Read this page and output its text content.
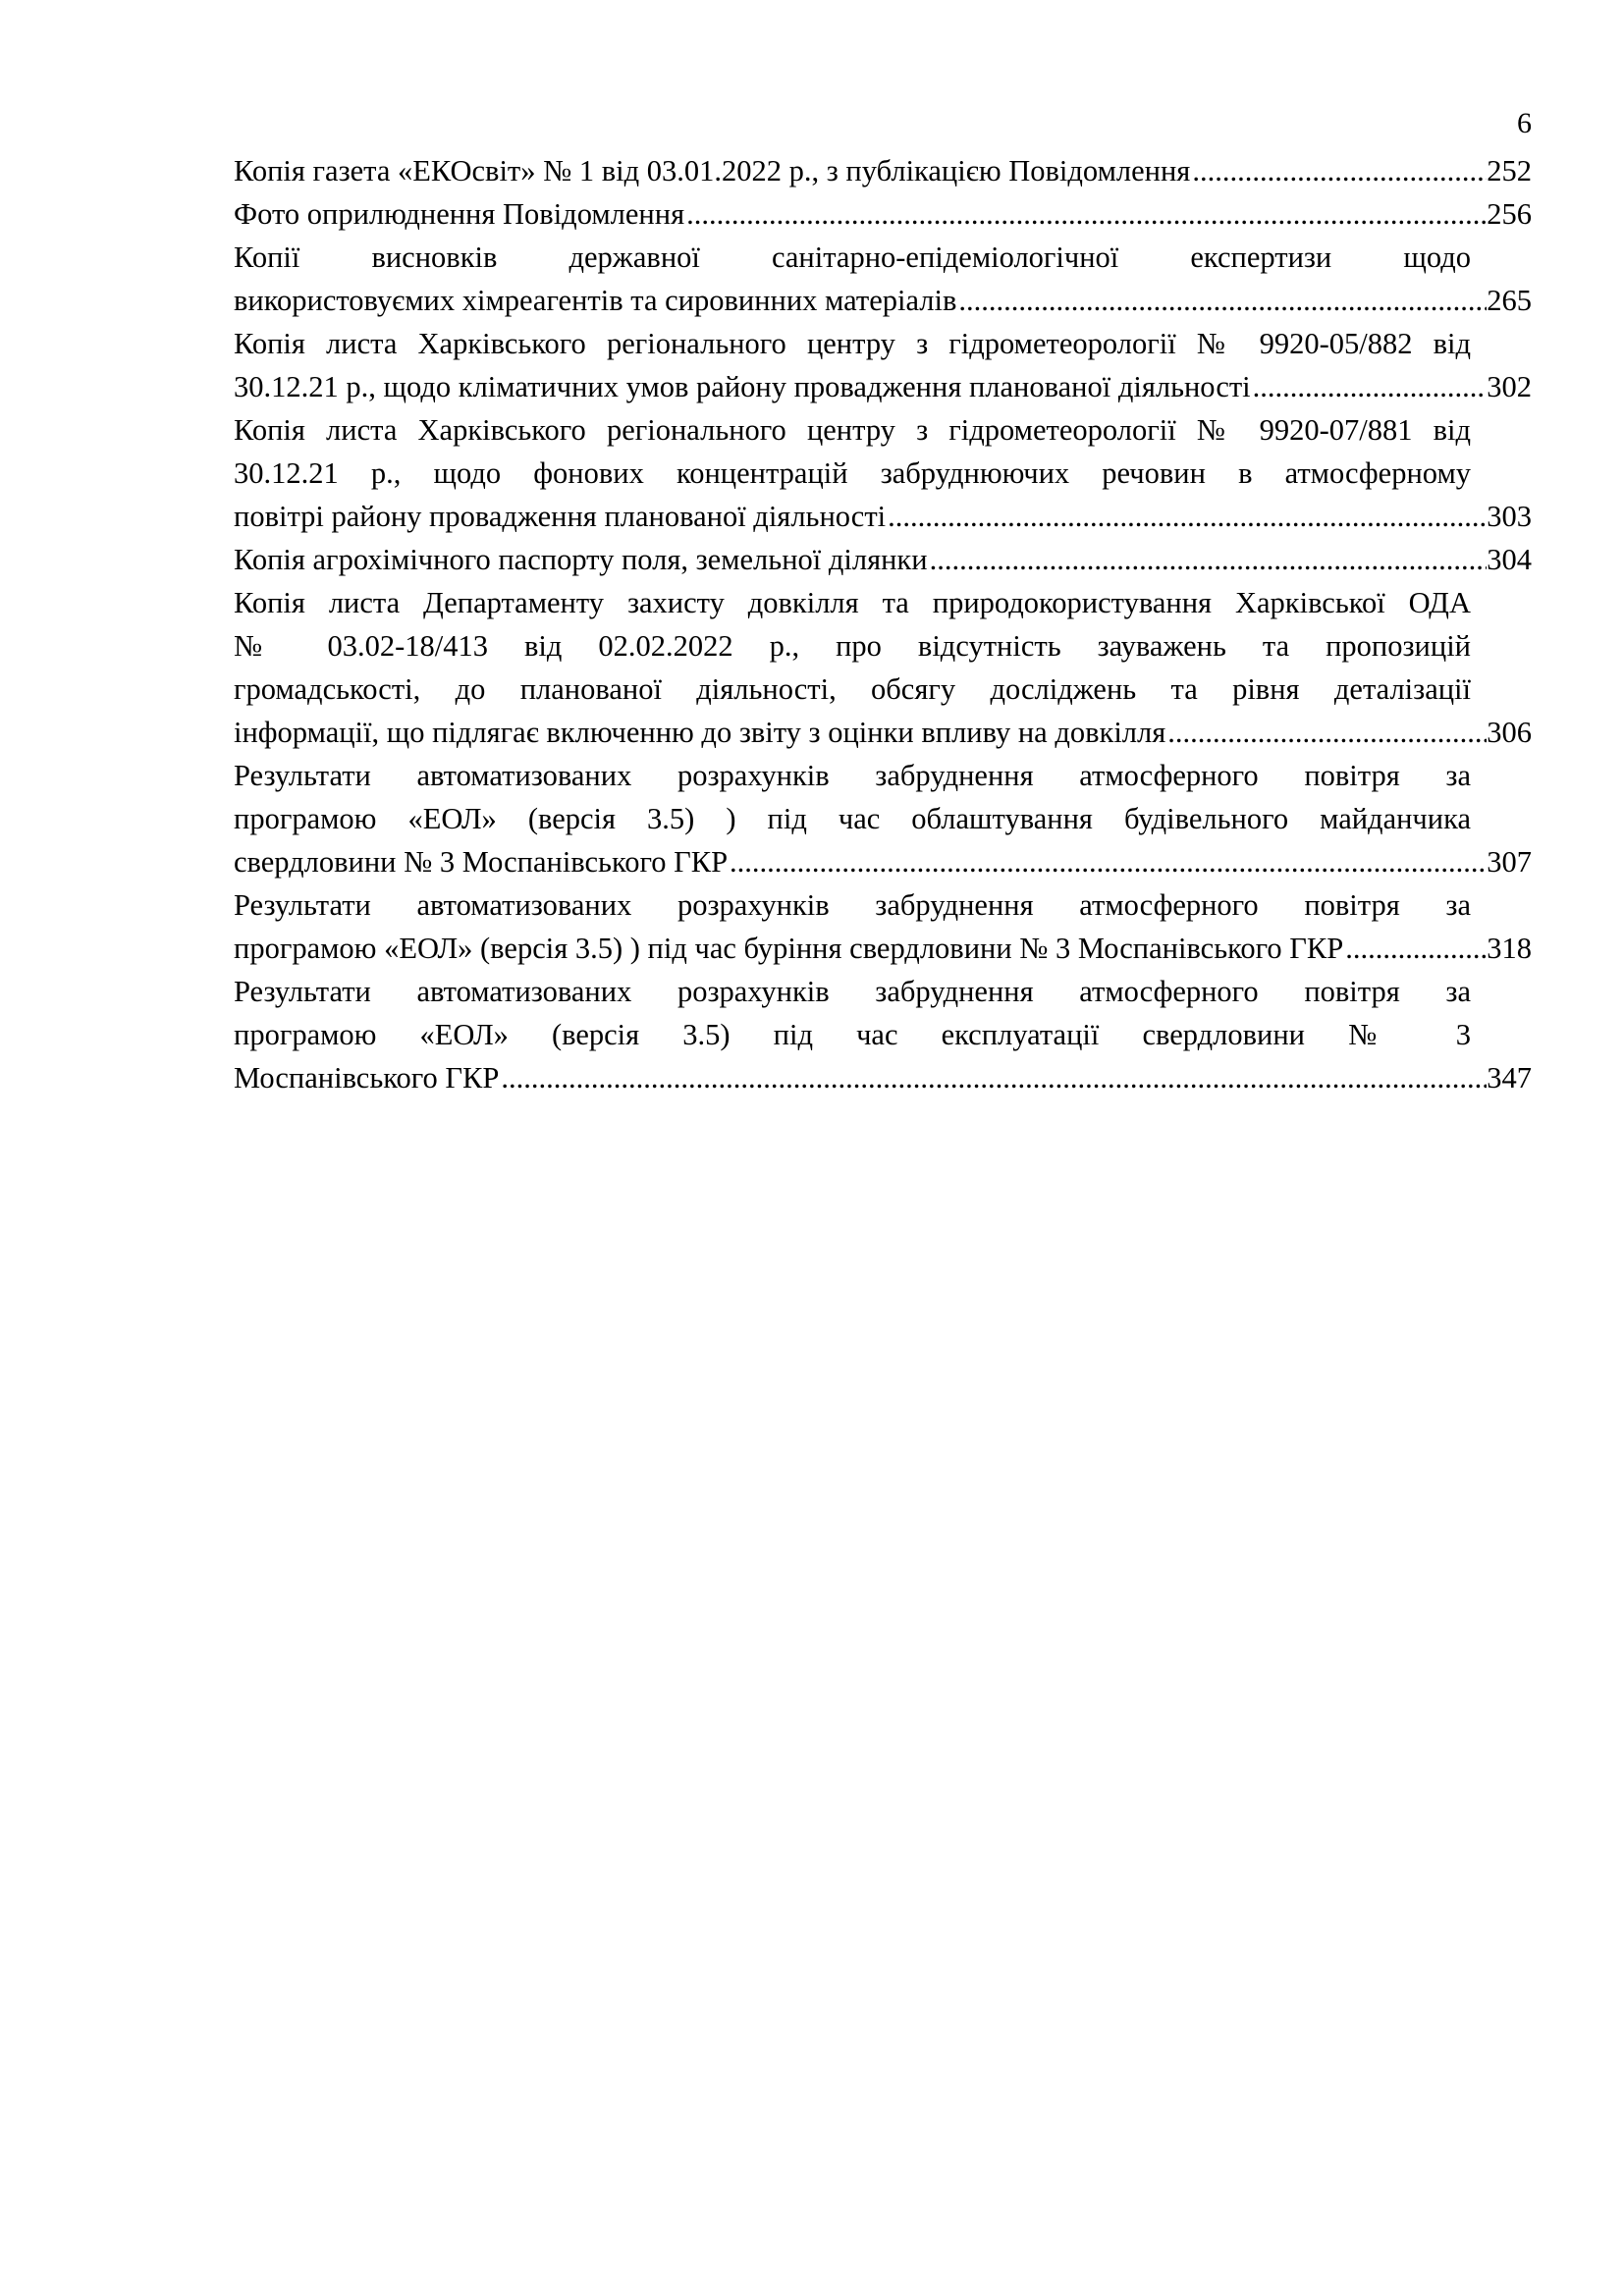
6
Копія газета «ЕКОсвіт» № 1 від 03.01.2022 р., з публікацією Повідомлення .....	252
Фото оприлюднення Повідомлення .....	256
Копії висновків державної санітарно-епідеміологічної експертизи щодо
використовуємих хімреагентів та сировинних матеріалів .....	265
Копія листа Харківського регіонального центру з гідрометеорології № 9920-05/882 від
30.12.21 р., щодо кліматичних умов району провадження планованої діяльності .....	302
Копія листа Харківського регіонального центру з гідрометеорології № 9920-07/881 від
30.12.21 р., щодо фонових концентрацій забруднюючих речовин в атмосферному
повітрі району провадження планованої діяльності .....	303
Копія агрохімічного паспорту поля, земельної ділянки .....	304
Копія листа Департаменту захисту довкілля та природокористування Харківської ОДА
№ 03.02-18/413 від 02.02.2022 р., про відсутність зауважень та пропозицій
громадськості, до планованої діяльності, обсягу досліджень та рівня деталізації
інформації, що підлягає включенню до звіту з оцінки впливу на довкілля .....	306
Результати автоматизованих розрахунків забруднення атмосферного повітря за
програмою «ЕОЛ» (версія 3.5) ) під час облаштування будівельного майданчика
свердловини № 3 Моспанівського ГКР .....	307
Результати автоматизованих розрахунків забруднення атмосферного повітря за
програмою «ЕОЛ» (версія 3.5) ) під час буріння свердловини № 3 Моспанівського ГКР .....	318
Результати автоматизованих розрахунків забруднення атмосферного повітря за
програмою «ЕОЛ» (версія 3.5) під час експлуатації свердловини № 3
Моспанівського ГКР .....	347
